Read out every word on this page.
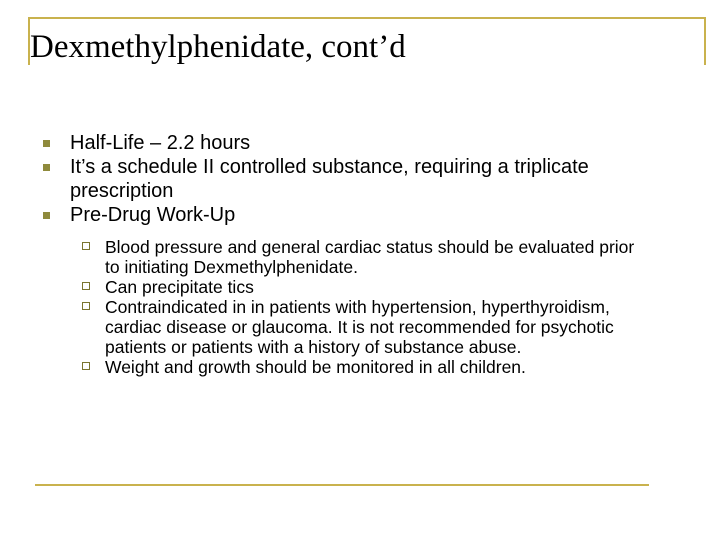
Dexmethylphenidate, cont’d
Half-Life – 2.2 hours
It’s a schedule II controlled substance, requiring a triplicate prescription
Pre-Drug Work-Up
Blood pressure and general cardiac status should be evaluated prior to initiating Dexmethylphenidate.
Can precipitate tics
Contraindicated in in patients with hypertension, hyperthyroidism, cardiac disease or glaucoma. It is not recommended for psychotic patients or patients with a history of substance abuse.
Weight and growth should be monitored in all children.
